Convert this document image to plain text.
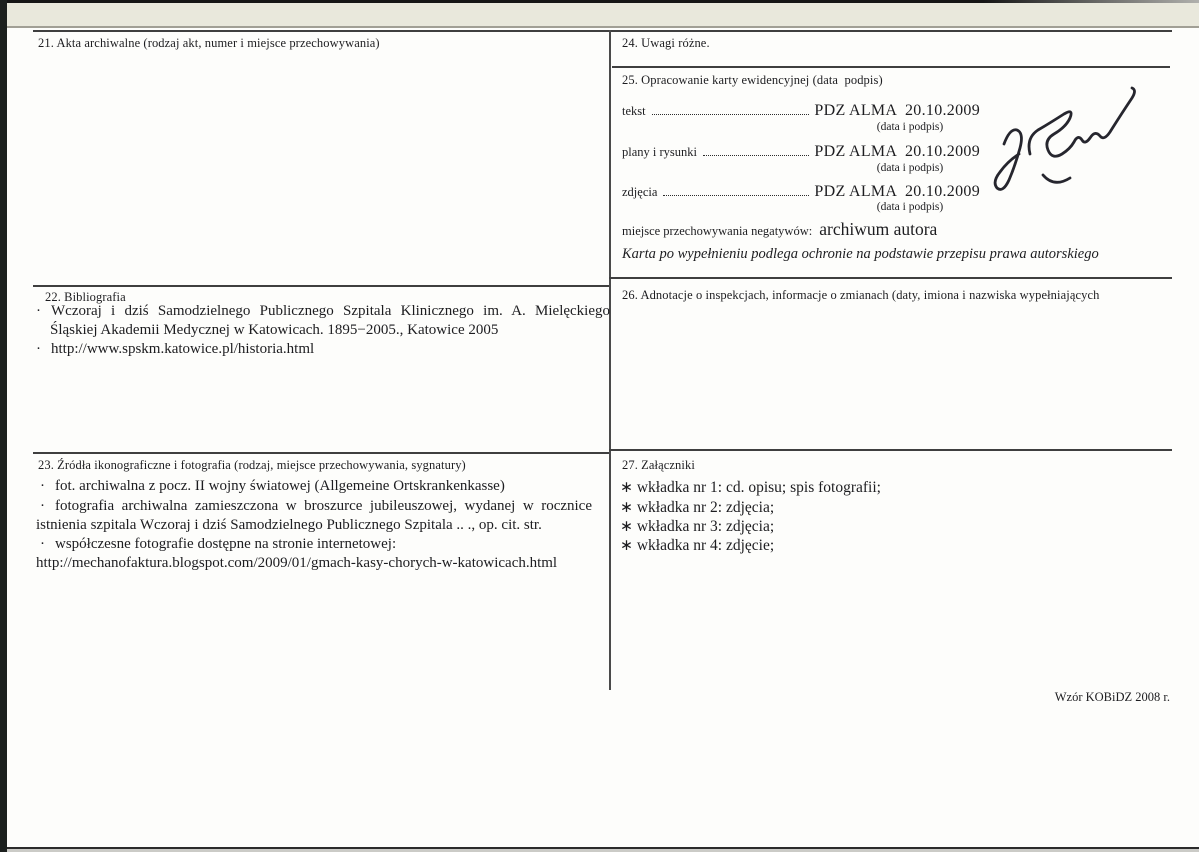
21. Akta archiwalne (rodzaj akt, numer i miejsce przechowywania)	24. Uwagi różne.
25. Opracowanie karty ewidencyjnej (data  podpis)
tekst	PDZ ALMA  20.10.2009
(data i podpis)
plany i rysunki	PDZ ALMA  20.10.2009
(data i podpis)
zdjęcia	PDZ ALMA  20.10.2009
(data i podpis)
miejsce przechowywania negatywów: archiwum autora
Karta po wypełnieniu podlega ochronie na podstawie przepisu prawa autorskiego
22. Bibliografia
· Wczoraj i dziś Samodzielnego Publicznego Szpitala Klinicznego im. A. Mielęckiego
Śląskiej Akademii Medycznej w Katowicach. 1895−2005., Katowice 2005
· http://www.spskm.katowice.pl/historia.html
26. Adnotacje o inspekcjach, informacje o zmianach (daty, imiona i nazwiska wypełniających
23. Źródła ikonograficzne i fotografia (rodzaj, miejsce przechowywania, sygnatury)
· fot. archiwalna z pocz. II wojny światowej (Allgemeine Ortskrankenkasse)
· fotografia archiwalna zamieszczona w broszurce jubileuszowej, wydanej w rocznice
istnienia szpitala Wczoraj i dziś Samodzielnego Publicznego Szpitala .. ., op. cit. str.
· współczesne fotografie dostępne na stronie internetowej:
http://mechanofaktura.blogspot.com/2009/01/gmach-kasy-chorych-w-katowicach.html
27. Załączniki
∗ wkładka nr 1: cd. opisu; spis fotografii;
∗ wkładka nr 2: zdjęcia;
∗ wkładka nr 3: zdjęcia;
∗ wkładka nr 4: zdjęcie;
Wzór KOBiDZ 2008 r.
